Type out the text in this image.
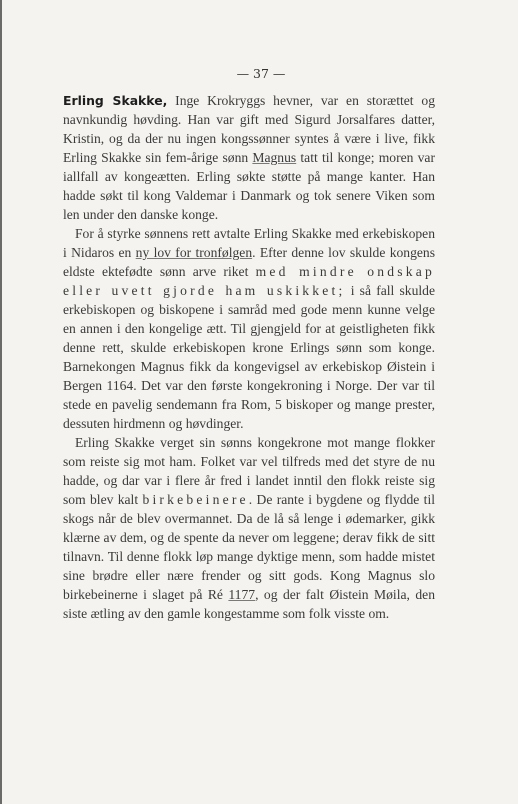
— 37 —

Erling Skakke, Inge Krokryggs hevner, var en storættet og navnkundig høvding. Han var gift med Sigurd Jorsalfares datter, Kristin, og da der nu ingen kongssønner syntes å være i live, fikk Erling Skakke sin fem-årige sønn Magnus tatt til konge; moren var iallfall av kongeætten. Erling søkte støtte på mange kanter. Han hadde søkt til kong Valdemar i Danmark og tok senere Viken som len under den danske konge.

For å styrke sønnens rett avtalte Erling Skakke med erkebiskopen i Nidaros en ny lov for tronfølgen. Efter denne lov skulde kongens eldste ektefødte sønn arve riket med mindre ondskap eller uvett gjorde ham uskikket; i så fall skulde erkebiskopen og biskopene i samråd med gode menn kunne velge en annen i den kongelige ætt. Til gjengjeld for at geistligheten fikk denne rett, skulde erkebiskopen krone Erlings sønn som konge. Barnekongen Magnus fikk da kongevigsel av erkebiskop Øistein i Bergen 1164. Det var den første kongekroning i Norge. Der var til stede en pavelig sendemann fra Rom, 5 biskoper og mange prester, dessuten hirdmenn og høvdinger.

Erling Skakke verget sin sønns kongekrone mot mange flokker som reiste sig mot ham. Folket var vel tilfreds med det styre de nu hadde, og dar var i flere år fred i landet inntil den flokk reiste sig som blev kalt birkebeinere. De rante i bygdene og flydde til skogs når de blev overmannet. Da de lå så lenge i ødemarker, gikk klærne av dem, og de spente da never om leggene; derav fikk de sitt tilnavn. Til denne flokk løp mange dyktige menn, som hadde mistet sine brødre eller nære frender og sitt gods. Kong Magnus slo birkebeinerne i slaget på Ré 1177, og der falt Øistein Møila, den siste ætling av den gamle kongestamme som folk visste om.
